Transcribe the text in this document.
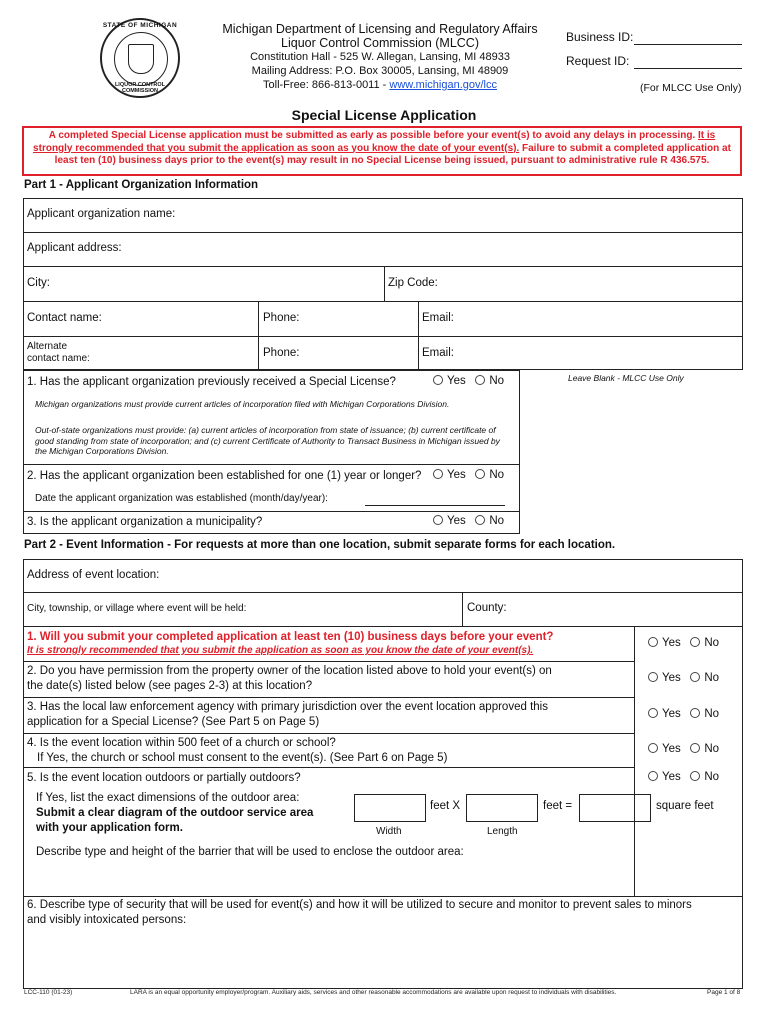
STATE OF MICHIGAN
LIQUOR CONTROL COMMISSION
Michigan Department of Licensing and Regulatory Affairs
Liquor Control Commission (MLCC)
Constitution Hall - 525 W. Allegan, Lansing, MI 48933
Mailing Address: P.O. Box 30005, Lansing, MI 48909
Toll-Free: 866-813-0011 - www.michigan.gov/lcc
Business ID:
Request ID:
(For MLCC Use Only)
Special License Application
A completed Special License application must be submitted as early as possible before your event(s) to avoid any delays in processing. It is strongly recommended that you submit the application as soon as you know the date of your event(s). Failure to submit a completed application at least ten (10) business days prior to the event(s) may result in no Special License being issued, pursuant to administrative rule R 436.575.
Part 1 - Applicant Organization Information
Applicant organization name:
Applicant address:
City:	Zip Code:
Contact name:	Phone:	Email:
Alternate
contact name:	Phone:	Email:
1. Has the applicant organization previously received a Special License?	Yes No	Leave Blank - MLCC Use Only
Michigan organizations must provide current articles of incorporation filed with Michigan Corporations Division.
Out-of-state organizations must provide: (a) current articles of incorporation from state of issuance; (b) current certificate of good standing from state of incorporation; and (c) current Certificate of Authority to Transact Business in Michigan issued by the Michigan Corporations Division.
2. Has the applicant organization been established for one (1) year or longer?	Yes No
Date the applicant organization was established (month/day/year):
3. Is the applicant organization a municipality?	Yes No
Part 2 - Event Information - For requests at more than one location, submit separate forms for each location.
Address of event location:
City, township, or village where event will be held:	County:
1. Will you submit your completed application at least ten (10) business days before your event?
It is strongly recommended that you submit the application as soon as you know the date of your event(s).
Yes No
2. Do you have permission from the property owner of the location listed above to hold your event(s) on
the date(s) listed below (see pages 2-3) at this location?
Yes No
3. Has the local law enforcement agency with primary jurisdiction over the event location approved this
application for a Special License? (See Part 5 on Page 5)
Yes No
4. Is the event location within 500 feet of a church or school?
If Yes, the church or school must consent to the event(s). (See Part 6 on Page 5)
Yes No
5. Is the event location outdoors or partially outdoors?	Yes No
If Yes, list the exact dimensions of the outdoor area:
Submit a clear diagram of the outdoor service area
with your application form.
feet X	feet =	square feet
Width	Length
Describe type and height of the barrier that will be used to enclose the outdoor area:
6. Describe type of security that will be used for event(s) and how it will be utilized to secure and monitor to prevent sales to minors
and visibly intoxicated persons:
LCC-110 (01-23)	LARA is an equal opportunity employer/program. Auxiliary aids, services and other reasonable accommodations are available upon request to individuals with disabilities.	Page 1 of 8
